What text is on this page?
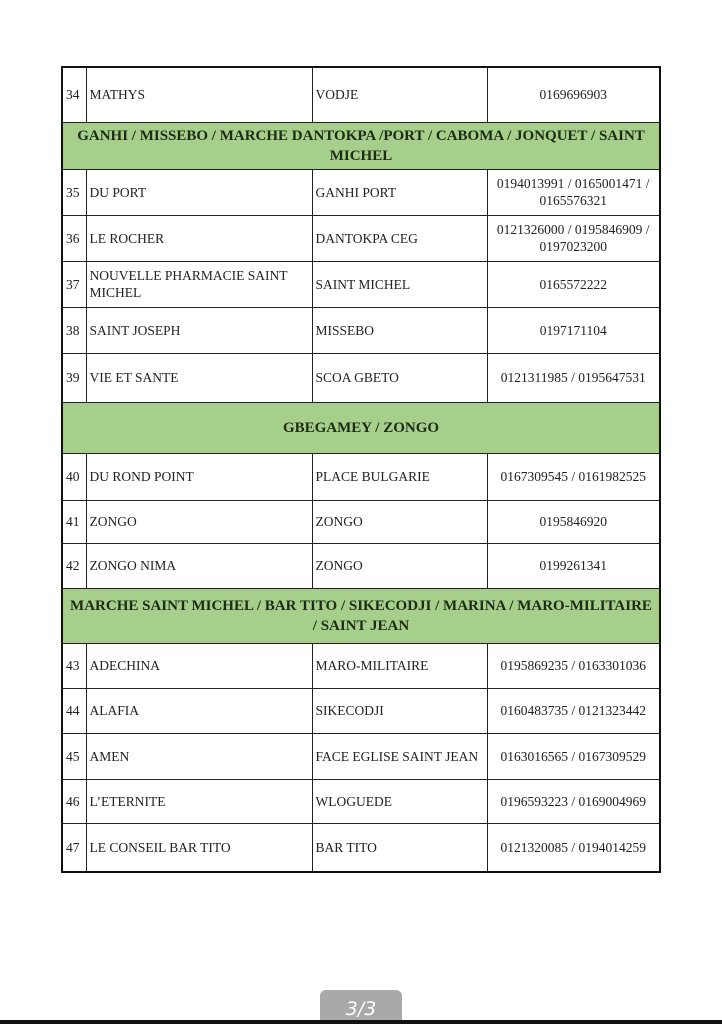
34	MATHYS	VODJE	0169696903
GANHI / MISSEBO / MARCHE DANTOKPA /PORT / CABOMA / JONQUET / SAINT MICHEL			
35	DU PORT	GANHI PORT	0194013991 / 0165001471 / 0165576321
36	LE ROCHER	DANTOKPA CEG	0121326000 / 0195846909 / 0197023200
37	NOUVELLE PHARMACIE SAINT MICHEL	SAINT MICHEL	0165572222
38	SAINT JOSEPH	MISSEBO	0197171104
39	VIE ET SANTE	SCOA GBETO	0121311985 / 0195647531
GBEGAMEY / ZONGO			
40	DU ROND POINT	PLACE BULGARIE	0167309545 / 0161982525
41	ZONGO	ZONGO	0195846920
42	ZONGO NIMA	ZONGO	0199261341
MARCHE SAINT MICHEL / BAR TITO / SIKECODJI / MARINA / MARO-MILITAIRE / SAINT JEAN			
43	ADECHINA	MARO-MILITAIRE	0195869235 / 0163301036
44	ALAFIA	SIKECODJI	0160483735 / 0121323442
45	AMEN	FACE EGLISE SAINT JEAN	0163016565 / 0167309529
46	L’ETERNITE	WLOGUEDE	0196593223 / 0169004969
47	LE CONSEIL BAR TITO	BAR TITO	0121320085 / 0194014259
3/3
